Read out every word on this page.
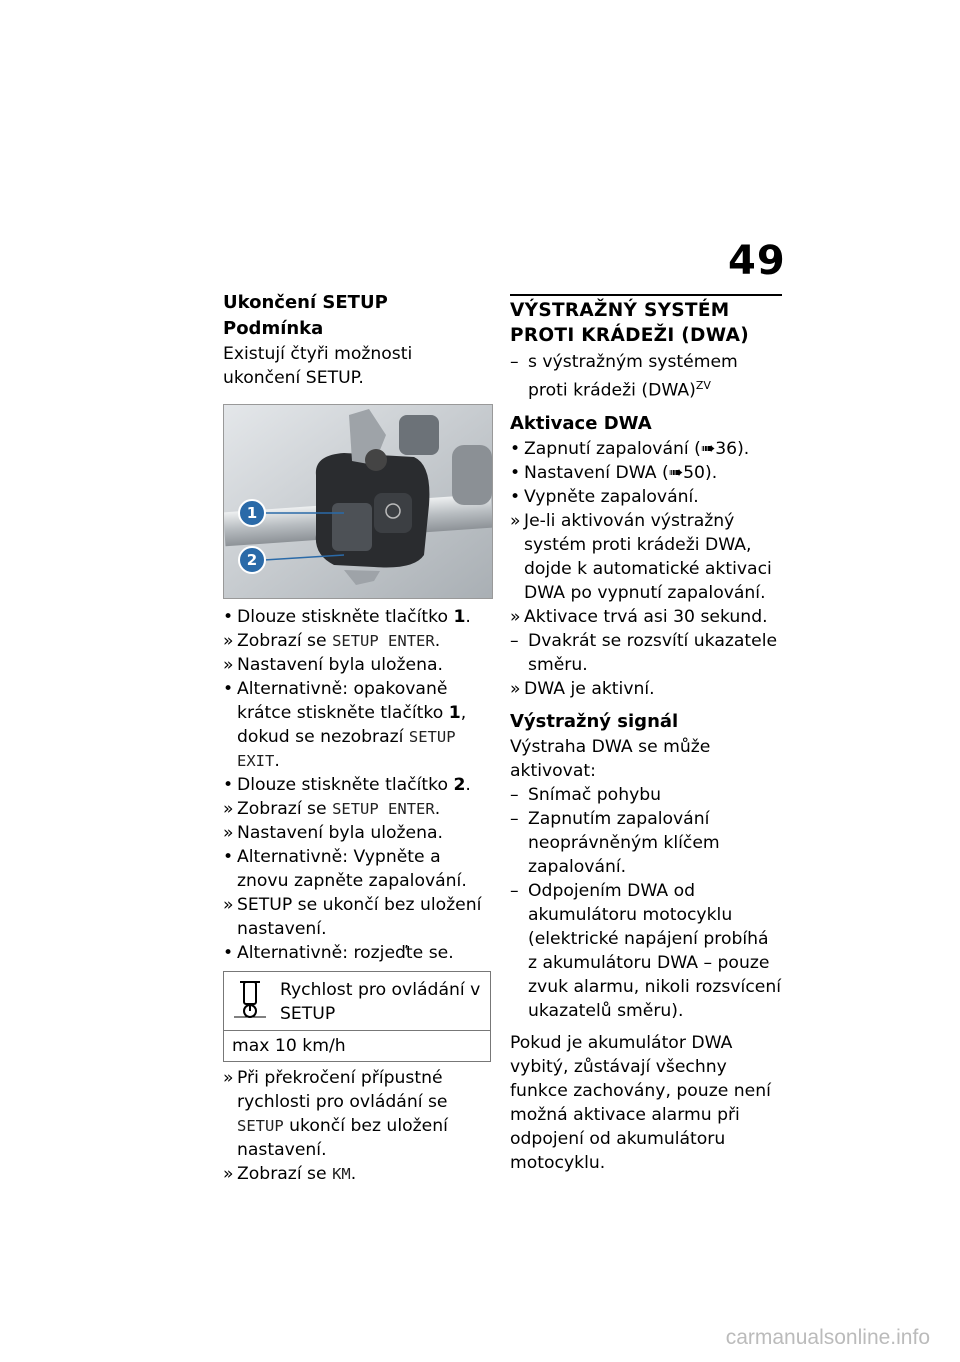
49
Ukončení SETUP
Podmínka

Existují čtyři možnosti ukončení SETUP.

1
2
• Dlouze stiskněte tlačítko 1.
» Zobrazí se SETUP ENTER.
» Nastavení byla uložena.
• Alternativně: opakovaně krátce stiskněte tlačítko 1, dokud se nezobrazí SETUP EXIT.
• Dlouze stiskněte tlačítko 2.
» Zobrazí se SETUP ENTER.
» Nastavení byla uložena.
• Alternativně: Vypněte a znovu zapněte zapalování.
» SETUP se ukončí bez uložení nastavení.
• Alternativně: rozjeďte se.
Rychlost pro ovládání v SETUP
max 10 km/h
» Při překročení přípustné rychlosti pro ovládání se SETUP ukončí bez uložení nastavení.
» Zobrazí se KM.
VÝSTRAŽNÝ SYSTÉM PROTI KRÁDEŽI (DWA)
– s výstražným systémem proti krádeži (DWA)$^{ZV}$
Aktivace DWA
• Zapnutí zapalování (➠36).
• Nastavení DWA (➠50).
• Vypněte zapalování.
» Je-li aktivován výstražný systém proti krádeži DWA, dojde k automatické aktivaci DWA po vypnutí zapalování.
» Aktivace trvá asi 30 sekund.
– Dvakrát se rozsvítí ukazatele směru.
» DWA je aktivní.
Výstražný signál

Výstraha DWA se může aktivovat:

– Snímač pohybu
– Zapnutím zapalování neoprávněným klíčem zapalování.
– Odpojením DWA od akumulátoru motocyklu (elektrické napájení probíhá z akumulátoru DWA – pouze zvuk alarmu, nikoli rozsvícení ukazatelů směru).

Pokud je akumulátor DWA vybitý, zůstávají všechny funkce zachovány, pouze není možná aktivace alarmu při odpojení od akumulátoru motocyklu.

carmanualsonline.info
